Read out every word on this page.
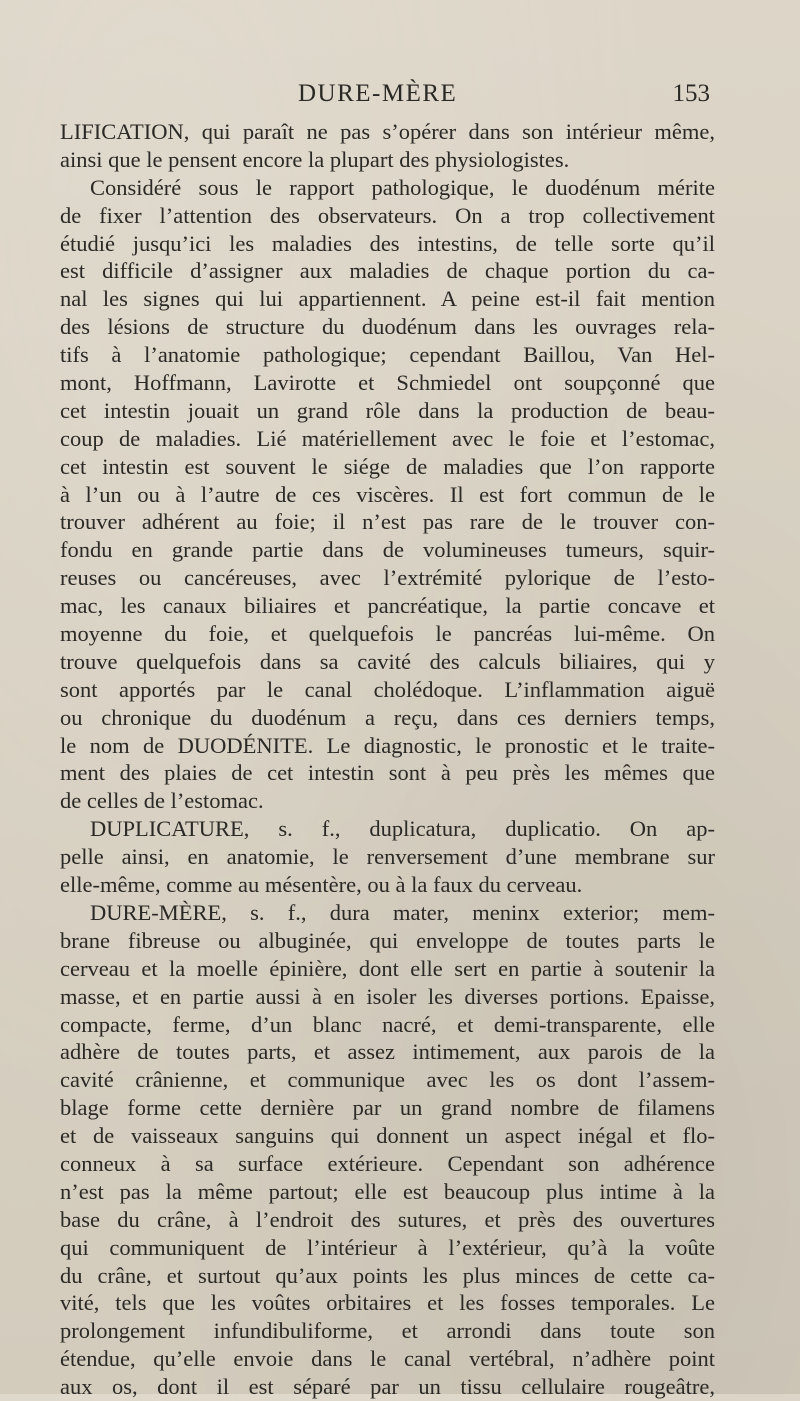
DURE-MÈRE	153
LIFICATION, qui paraît ne pas s’opérer dans son intérieur même,
ainsi que le pensent encore la plupart des physiologistes.
Considéré sous le rapport pathologique, le duodénum mérite
de fixer l’attention des observateurs. On a trop collectivement
étudié jusqu’ici les maladies des intestins, de telle sorte qu’il
est difficile d’assigner aux maladies de chaque portion du ca-
nal les signes qui lui appartiennent. A peine est-il fait mention
des lésions de structure du duodénum dans les ouvrages rela-
tifs à l’anatomie pathologique; cependant Baillou, Van Hel-
mont, Hoffmann, Lavirotte et Schmiedel ont soupçonné que
cet intestin jouait un grand rôle dans la production de beau-
coup de maladies. Lié matériellement avec le foie et l’estomac,
cet intestin est souvent le siége de maladies que l’on rapporte
à l’un ou à l’autre de ces viscères. Il est fort commun de le
trouver adhérent au foie; il n’est pas rare de le trouver con-
fondu en grande partie dans de volumineuses tumeurs, squir-
reuses ou cancéreuses, avec l’extrémité pylorique de l’esto-
mac, les canaux biliaires et pancréatique, la partie concave et
moyenne du foie, et quelquefois le pancréas lui-même. On
trouve quelquefois dans sa cavité des calculs biliaires, qui y
sont apportés par le canal cholédoque. L’inflammation aiguë
ou chronique du duodénum a reçu, dans ces derniers temps,
le nom de DUODÉNITE. Le diagnostic, le pronostic et le traite-
ment des plaies de cet intestin sont à peu près les mêmes que
de celles de l’estomac.
DUPLICATURE, s. f., duplicatura, duplicatio. On ap-
pelle ainsi, en anatomie, le renversement d’une membrane sur
elle-même, comme au mésentère, ou à la faux du cerveau.
DURE-MÈRE, s. f., dura mater, meninx exterior; mem-
brane fibreuse ou albuginée, qui enveloppe de toutes parts le
cerveau et la moelle épinière, dont elle sert en partie à soutenir la
masse, et en partie aussi à en isoler les diverses portions. Epaisse,
compacte, ferme, d’un blanc nacré, et demi-transparente, elle
adhère de toutes parts, et assez intimement, aux parois de la
cavité crânienne, et communique avec les os dont l’assem-
blage forme cette dernière par un grand nombre de filamens
et de vaisseaux sanguins qui donnent un aspect inégal et flo-
conneux à sa surface extérieure. Cependant son adhérence
n’est pas la même partout; elle est beaucoup plus intime à la
base du crâne, à l’endroit des sutures, et près des ouvertures
qui communiquent de l’intérieur à l’extérieur, qu’à la voûte
du crâne, et surtout qu’aux points les plus minces de cette ca-
vité, tels que les voûtes orbitaires et les fosses temporales. Le
prolongement infundibuliforme, et arrondi dans toute son
étendue, qu’elle envoie dans le canal vertébral, n’adhère point
aux os, dont il est séparé par un tissu cellulaire rougeâtre,
